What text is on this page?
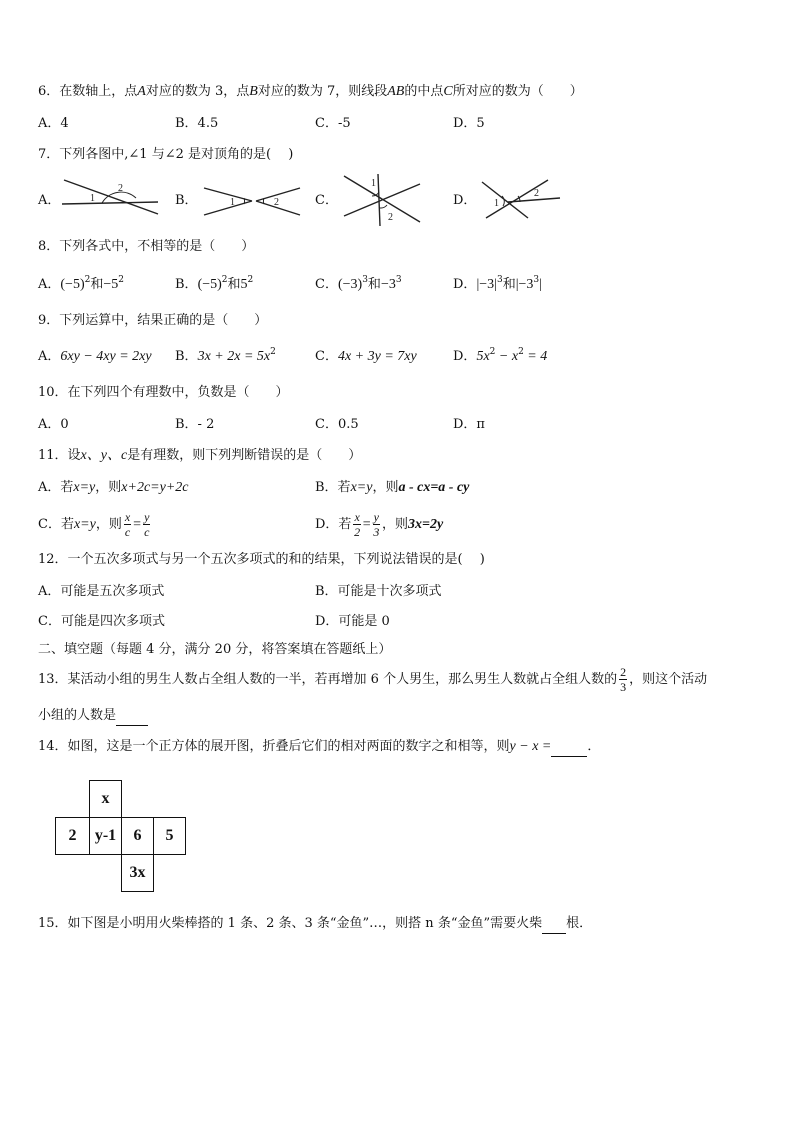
6．在数轴上，点A对应的数为 3，点B对应的数为 7，则线段AB的中点C所对应的数为（　　）
A．4	B．4.5	C．-5	D．5
7．下列各图中,∠1 与∠2 是对顶角的是(　 )
A．	1
2
B．	1	2	C．
1
2
D． 1
2
8．下列各式中，不相等的是（　　）
A．$(-5)^2$和$-5^2$	B．$(-5)^2$和$5^2$	C．$(-3)^3$和$-3^3$	D．$|-3|^3$和$|-3^3|$
9．下列运算中，结果正确的是（　　）
A．6xy − 4xy = 2xy B．$3x + 2x = 5x^2$	C．4x + 3y = 7xy	D．$5x^2 - x^2 = 4$
10．在下列四个有理数中，负数是（　　）
A．0	B．- 2	C．0.5	D．π
11．设x、y、c是有理数，则下列判断错误的是（　　）
A．若x=y，则x+2c=y+2c	B．若x=y，则a - cx=a - cy
C．若x=y，则 $\frac{x}{c} = \frac{y}{c}$	D．若 $\frac{x}{2} = \frac{y}{3}$ ，则3x=2y
12．一个五次多项式与另一个五次多项式的和的结果，下列说法错误的是(　 )
A．可能是五次多项式	B．可能是十次多项式
C．可能是四次多项式	D．可能是 0
二、填空题（每题 4 分，满分 20 分，将答案填在答题纸上）
13．某活动小组的男生人数占全组人数的一半，若再增加 6 个人男生，那么男生人数就占全组人数的 $\frac{2}{3}$ ，则这个活动
小组的人数是
14．如图，这是一个正方体的展开图，折叠后它们的相对两面的数字之和相等，则y − x =	．
x
2	y-1	6	5
3x
15．如下图是小明用火柴棒搭的 1 条、2 条、3 条“金鱼”…，则搭 n 条“金鱼”需要火柴 根．
